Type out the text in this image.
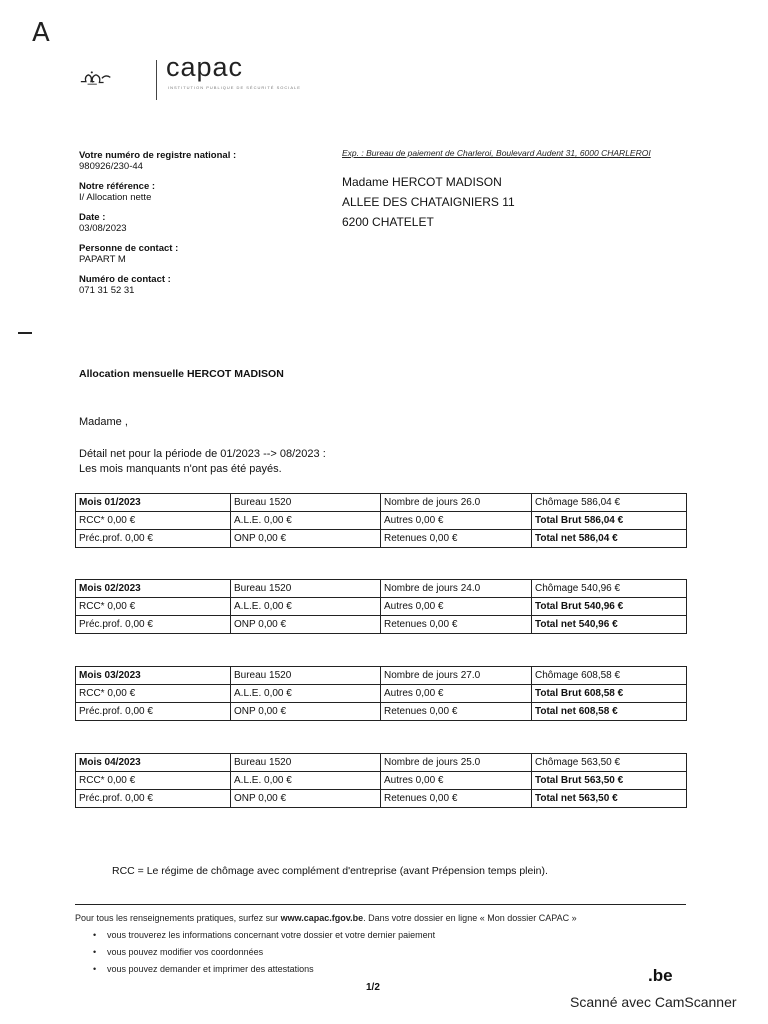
A
capac
INSTITUTION PUBLIQUE DE SÉCURITÉ SOCIALE
Votre numéro de registre national :
980926/230-44
Notre référence :
I/ Allocation nette
Date :
03/08/2023
Personne de contact :
PAPART M
Numéro de contact :
071 31 52 31
Exp. : Bureau de paiement de Charleroi, Boulevard Audent 31, 6000 CHARLEROI
Madame HERCOT MADISON
ALLEE DES CHATAIGNIERS 11
6200 CHATELET
Allocation mensuelle HERCOT MADISON
Madame ,
Détail net pour la période de 01/2023 --> 08/2023 :
Les mois manquants n'ont pas été payés.
Mois 01/2023	Bureau 1520	Nombre de jours 26.0	Chômage 586,04 €
RCC* 0,00 €	A.L.E. 0,00 €	Autres 0,00 €	Total Brut 586,04 €
Préc.prof. 0,00 €	ONP 0,00 €	Retenues 0,00 €	Total net 586,04 €
Mois 02/2023	Bureau 1520	Nombre de jours 24.0	Chômage 540,96 €
RCC* 0,00 €	A.L.E. 0,00 €	Autres 0,00 €	Total Brut 540,96 €
Préc.prof. 0,00 €	ONP 0,00 €	Retenues 0,00 €	Total net 540,96 €
Mois 03/2023	Bureau 1520	Nombre de jours 27.0	Chômage 608,58 €
RCC* 0,00 €	A.L.E. 0,00 €	Autres 0,00 €	Total Brut 608,58 €
Préc.prof. 0,00 €	ONP 0,00 €	Retenues 0,00 €	Total net 608,58 €
Mois 04/2023	Bureau 1520	Nombre de jours 25.0	Chômage 563,50 €
RCC* 0,00 €	A.L.E. 0,00 €	Autres 0,00 €	Total Brut 563,50 €
Préc.prof. 0,00 €	ONP 0,00 €	Retenues 0,00 €	Total net 563,50 €
RCC = Le régime de chômage avec complément d'entreprise (avant Prépension temps plein).
Pour tous les renseignements pratiques, surfez sur www.capac.fgov.be. Dans votre dossier en ligne « Mon dossier CAPAC »
• vous trouverez les informations concernant votre dossier et votre dernier paiement
• vous pouvez modifier vos coordonnées
• vous pouvez demander et imprimer des attestations
1/2
.be
Scanné avec CamScanner
